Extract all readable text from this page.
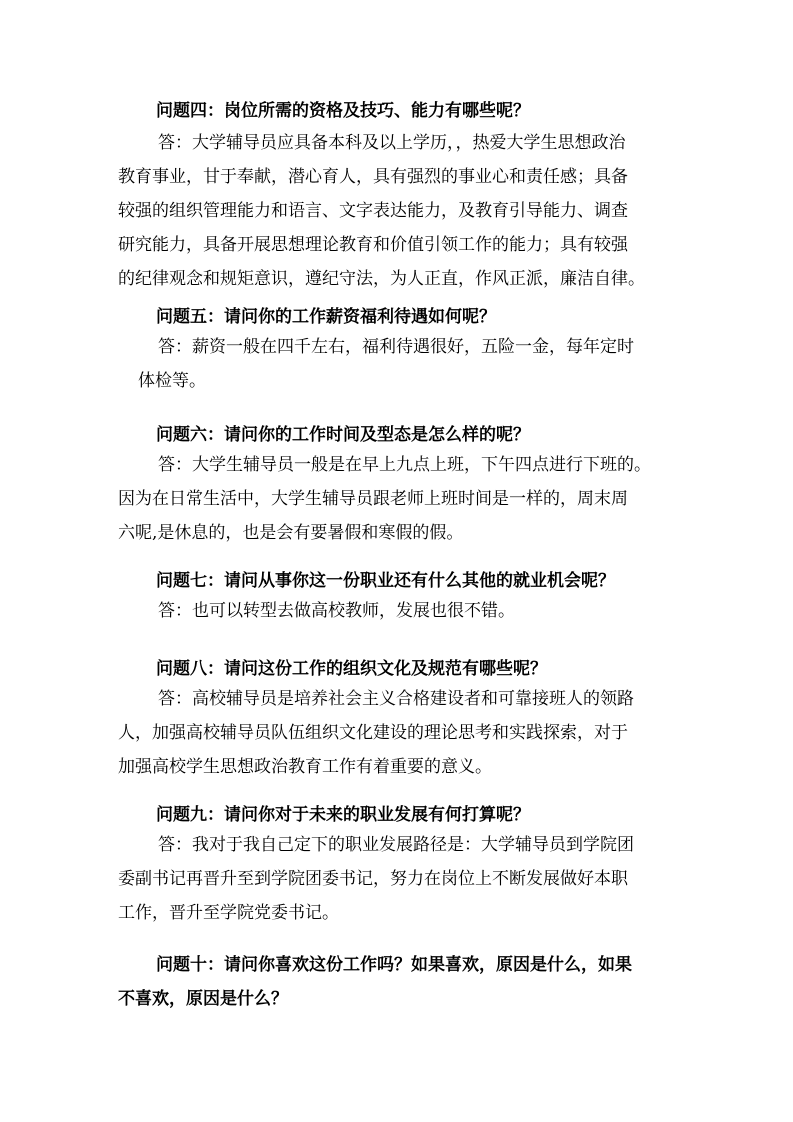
问题四：岗位所需的资格及技巧、能力有哪些呢？

答：大学辅导员应具备本科及以上学历，，热爱大学生思想政治
教育事业，甘于奉献，潜心育人，具有强烈的事业心和责任感；具备
较强的组织管理能力和语言、文字表达能力，及教育引导能力、调查
研究能力，具备开展思想理论教育和价值引领工作的能力；具有较强
的纪律观念和规矩意识，遵纪守法，为人正直，作风正派，廉洁自律。

问题五：请问你的工作薪资福利待遇如何呢？

答：薪资一般在四千左右，福利待遇很好，五险一金，每年定时
体检等。

问题六：请问你的工作时间及型态是怎么样的呢？

答：大学生辅导员一般是在早上九点上班，下午四点进行下班的。
因为在日常生活中，大学生辅导员跟老师上班时间是一样的，周末周
六呢,是休息的，也是会有要暑假和寒假的假。

问题七：请问从事你这一份职业还有什么其他的就业机会呢？

答：也可以转型去做高校教师，发展也很不错。

问题八：请问这份工作的组织文化及规范有哪些呢？

答：高校辅导员是培养社会主义合格建设者和可靠接班人的领路
人，加强高校辅导员队伍组织文化建设的理论思考和实践探索，对于
加强高校学生思想政治教育工作有着重要的意义。

问题九：请问你对于未来的职业发展有何打算呢？

答：我对于我自己定下的职业发展路径是：大学辅导员到学院团
委副书记再晋升至到学院团委书记，努力在岗位上不断发展做好本职
工作，晋升至学院党委书记。
问题十：请问你喜欢这份工作吗？如果喜欢，原因是什么，如果
不喜欢，原因是什么？
